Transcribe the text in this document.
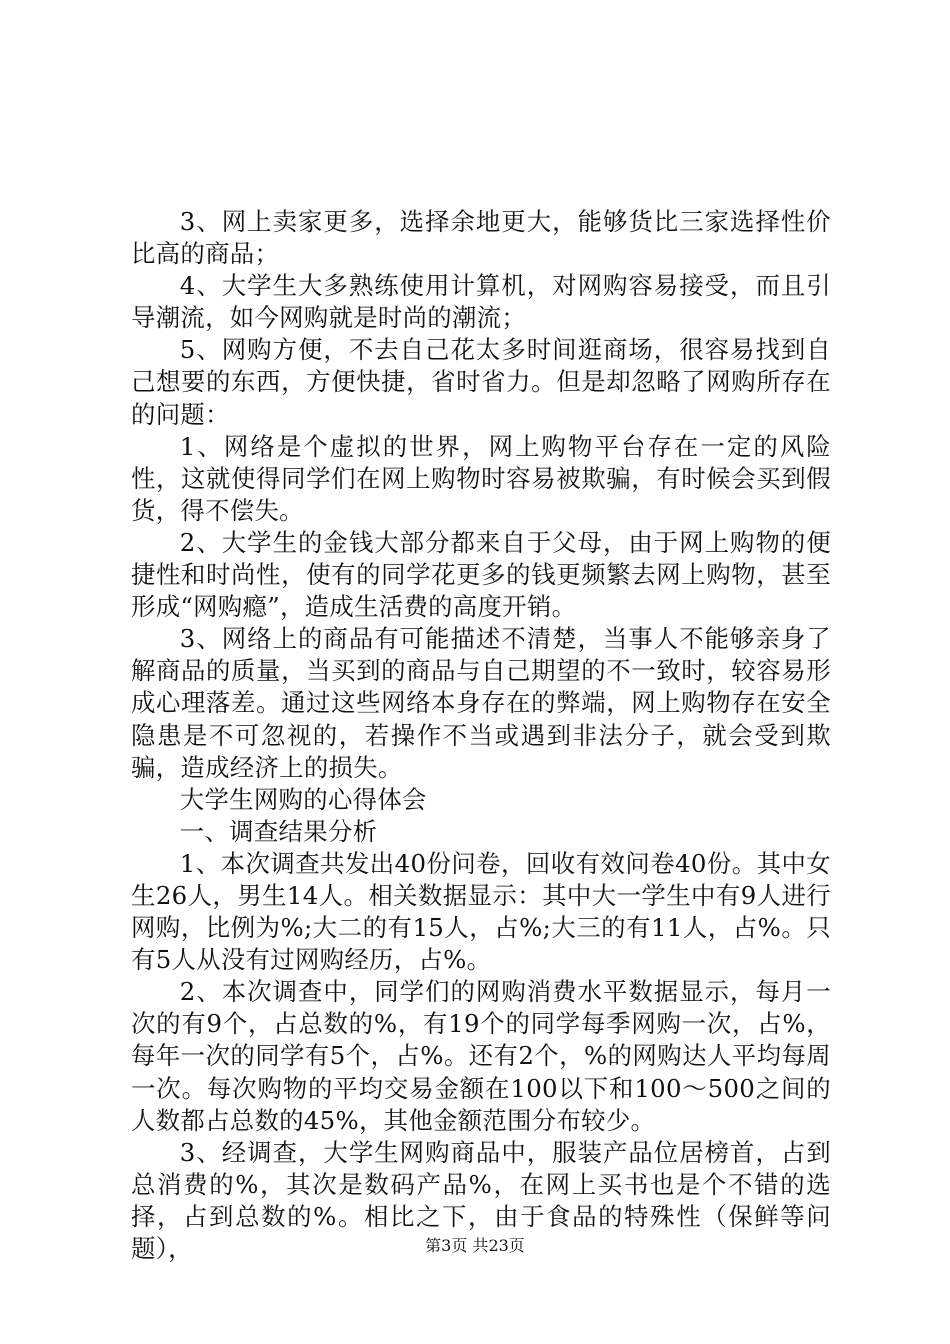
3、网上卖家更多，选择余地更大，能够货比三家选择性价比高的商品；

4、大学生大多熟练使用计算机，对网购容易接受，而且引导潮流，如今网购就是时尚的潮流；

5、网购方便，不去自己花太多时间逛商场，很容易找到自己想要的东西，方便快捷，省时省力。但是却忽略了网购所存在的问题：

1、网络是个虚拟的世界，网上购物平台存在一定的风险性，这就使得同学们在网上购物时容易被欺骗，有时候会买到假货，得不偿失。

2、大学生的金钱大部分都来自于父母，由于网上购物的便捷性和时尚性，使有的同学花更多的钱更频繁去网上购物，甚至形成“网购瘾”，造成生活费的高度开销。

3、网络上的商品有可能描述不清楚，当事人不能够亲身了解商品的质量，当买到的商品与自己期望的不一致时，较容易形成心理落差。通过这些网络本身存在的弊端，网上购物存在安全隐患是不可忽视的，若操作不当或遇到非法分子，就会受到欺骗，造成经济上的损失。

大学生网购的心得体会

一、调查结果分析

1、本次调查共发出40份问卷，回收有效问卷40份。其中女生26人，男生14人。相关数据显示：其中大一学生中有9人进行网购，比例为%;大二的有15人，占%;大三的有11人，占%。只有5人从没有过网购经历，占%。

2、本次调查中，同学们的网购消费水平数据显示，每月一次的有9个，占总数的%，有19个的同学每季网购一次，占%，每年一次的同学有5个，占%。还有2个，%的网购达人平均每周一次。每次购物的平均交易金额在100以下和100～500之间的人数都占总数的45%，其他金额范围分布较少。

3、经调查，大学生网购商品中，服装产品位居榜首，占到总消费的%，其次是数码产品%，在网上买书也是个不错的选择，占到总数的%。相比之下，由于食品的特殊性（保鲜等问题），	第3页 共23页
